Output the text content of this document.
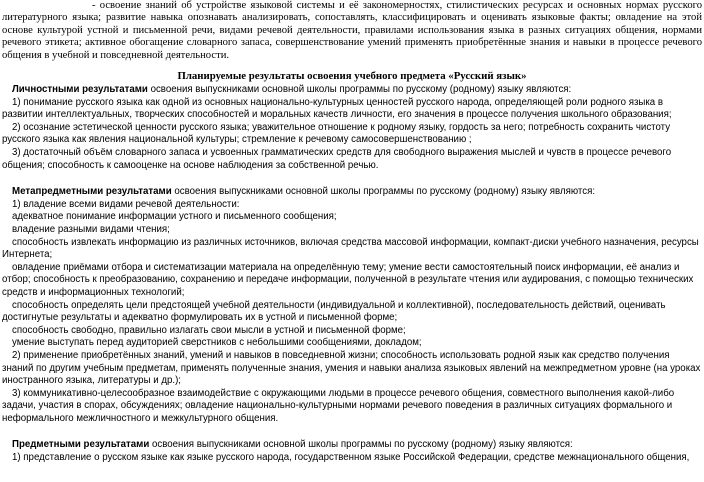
- освоение знаний об устройстве языковой системы и её закономерностях, стилистических ресурсах и основных нормах русского литературного языка; развитие навыка опознавать анализировать, сопоставлять, классифицировать и оценивать языковые факты; овладение на этой основе культурой устной и письменной речи, видами речевой деятельности, правилами использования языка в разных ситуациях общения, нормами речевого этикета; активное обогащение словарного запаса, совершенствование умений применять приобретённые знания и навыки в процессе речевого общения в учебной и повседневной деятельности.

Планируемые результаты освоения учебного предмета «Русский язык»

Личностными результатами освоения выпускниками основной школы программы по русскому (родному) языку являются:

1) понимание русского языка как одной из основных национально-культурных ценностей русского народа, определяющей роли родного языка в развитии интеллектуальных, творческих способностей и моральных качеств личности, его значения в процессе получения школьного образования;

2) осознание эстетической ценности русского языка; уважительное отношение к родному языку, гордость за него; потребность сохранить чистоту русского языка как явления национальной культуры; стремление к речевому самосовершенствованию ;

3) достаточный объём словарного запаса и усвоенных грамматических средств для свободного выражения мыслей и чувств в процессе речевого общения; способность к самооценке на основе наблюдения за собственной речью.

Метапредметными результатами освоения выпускниками основной школы программы по русскому (родному) языку являются:

1) владение всеми видами речевой деятельности:

адекватное понимание информации устного и письменного сообщения;

владение разными видами чтения;

способность извлекать информацию из различных источников, включая средства массовой информации, компакт-диски учебного назначения, ресурсы Интернета;

овладение приёмами отбора и систематизации материала на определённую тему; умение вести самостоятельный поиск информации, её анализ и отбор; способность к преобразованию, сохранению и передаче информации, полученной в результате чтения или аудирования, с помощью технических средств и информационных технологий;

способность определять цели предстоящей учебной деятельности (индивидуальной и коллективной), последовательность действий, оценивать достигнутые результаты и адекватно формулировать их в устной и письменной форме;

способность свободно, правильно излагать свои мысли в устной и письменной форме;

умение выступать перед аудиторией сверстников с небольшими сообщениями, докладом;

2) применение приобретённых знаний, умений и навыков в повседневной жизни; способность использовать родной язык как средство получения знаний по другим учебным предметам, применять полученные знания, умения и навыки анализа языковых явлений на межпредметном уровне (на уроках иностранного языка, литературы и др.);

3) коммуникативно-целесообразное взаимодействие с окружающими людьми в процессе речевого общения, совместного выполнения какой-либо задачи, участия в спорах, обсуждениях; овладение национально-культурными нормами речевого поведения в различных ситуациях формального и неформального межличностного и межкультурного общения.

Предметными результатами освоения выпускниками основной школы программы по русскому (родному) языку являются:

1) представление о русском языке как языке русского народа, государственном языке Российской Федерации, средстве межнационального общения,
